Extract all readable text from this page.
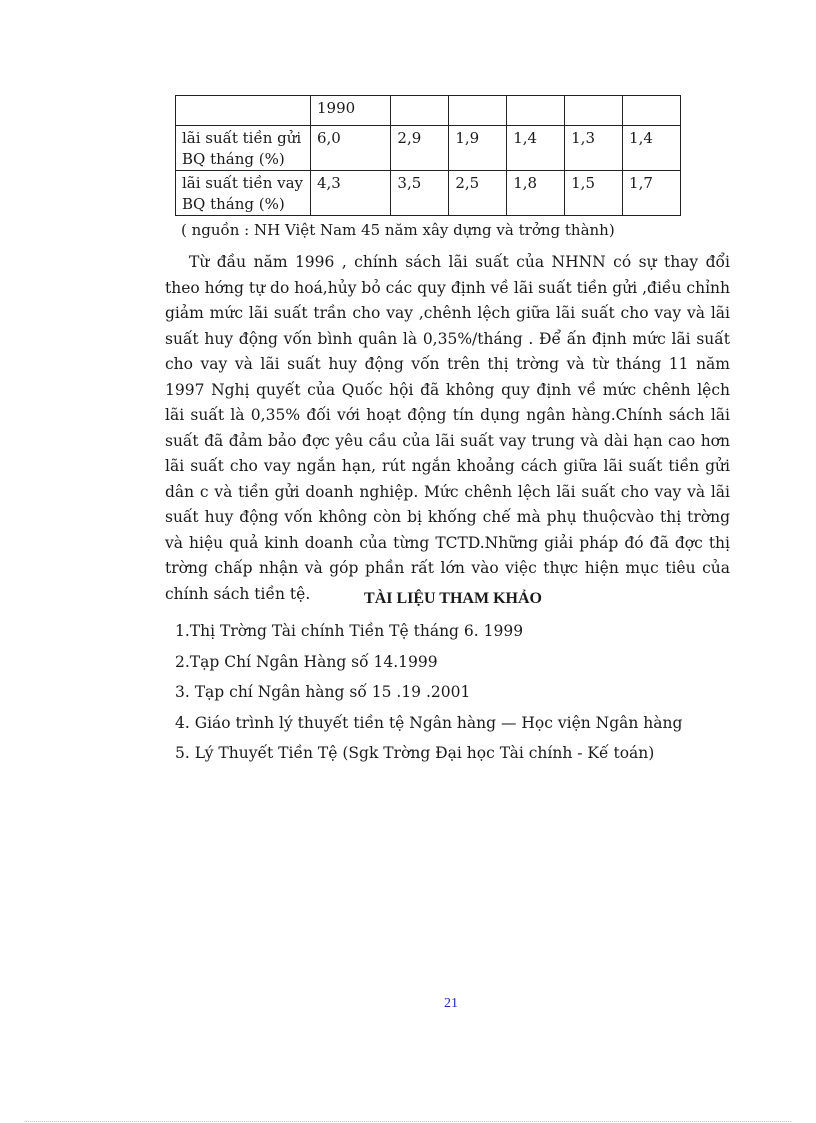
	1990					
lãi suất tiền gửi BQ tháng (%)	6,0	2,9	1,9	1,4	1,3	1,4
lãi suất tiền vay BQ tháng (%)	4,3	3,5	2,5	1,8	1,5	1,7
( nguồn : NH Việt Nam 45 năm xây dựng và trởng thành)

Từ đầu năm 1996 , chính sách lãi suất của NHNN có sự thay đổi theo hớng tự do hoá,hủy bỏ các quy định về lãi suất tiền gửi ,điều chỉnh giảm mức lãi suất trần cho vay ,chênh lệch giữa lãi suất cho vay và lãi suất huy động vốn bình quân là 0,35%/tháng . Để ấn định mức lãi suất cho vay và lãi suất huy động vốn trên thị trờng và từ tháng 11 năm 1997 Nghị quyết của Quốc hội đã không quy định về mức chênh lệch lãi suất là 0,35% đối với hoạt động tín dụng ngân hàng.Chính sách lãi suất đã đảm bảo đợc yêu cầu của lãi suất vay trung và dài hạn cao hơn lãi suất cho vay ngắn hạn, rút ngắn khoảng cách giữa lãi suất tiền gửi dân c và tiền gửi doanh nghiệp. Mức chênh lệch lãi suất cho vay và lãi suất huy động vốn không còn bị khống chế mà phụ thuộcvào thị trờng và hiệu quả kinh doanh của từng TCTD.Những giải pháp đó đã đợc thị trờng chấp nhận và góp phần rất lớn vào việc thực hiện mục tiêu của chính sách tiền tệ.	TÀI LIỆU THAM KHẢO
1.Thị Trờng Tài chính Tiền Tệ tháng 6. 1999
2.Tạp Chí Ngân Hàng số 14.1999
3. Tạp chí Ngân hàng số 15 .19 .2001
4. Giáo trình lý thuyết tiền tệ Ngân hàng — Học viện Ngân hàng
5. Lý Thuyết Tiền Tệ (Sgk Trờng Đại học Tài chính - Kế toán)
21
